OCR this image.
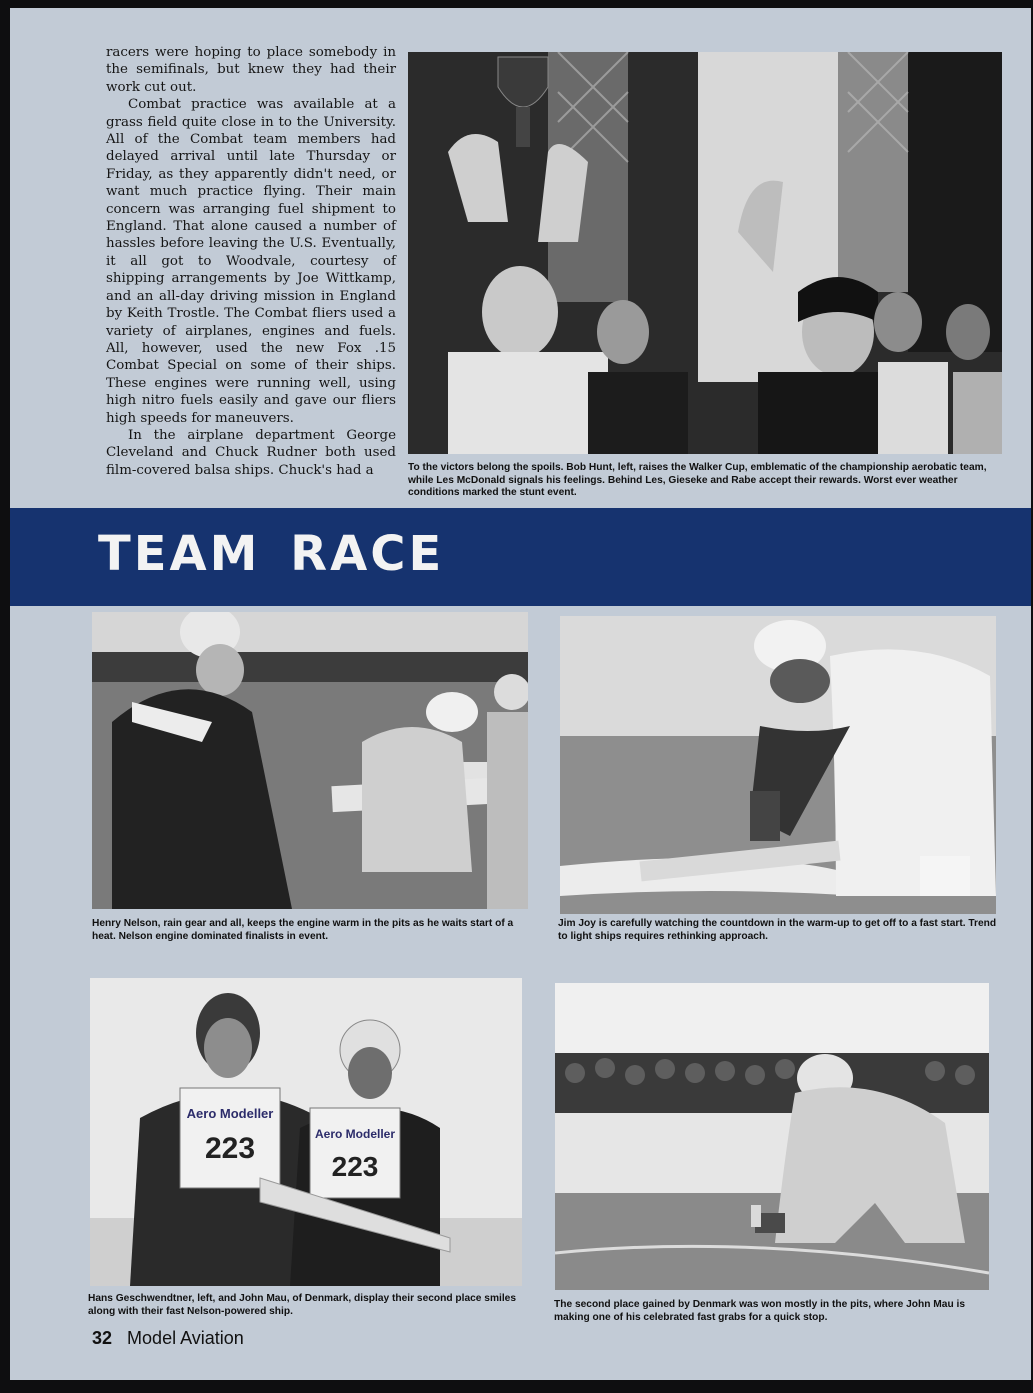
racers were hoping to place somebody in the semifinals, but knew they had their work cut out.

Combat practice was available at a grass field quite close in to the University. All of the Combat team members had delayed arrival until late Thursday or Friday, as they apparently didn't need, or want much practice flying. Their main concern was arranging fuel shipment to England. That alone caused a number of hassles before leaving the U.S. Eventually, it all got to Woodvale, courtesy of shipping arrangements by Joe Wittkamp, and an all-day driving mission in England by Keith Trostle. The Combat fliers used a variety of airplanes, engines and fuels. All, however, used the new Fox .15 Combat Special on some of their ships. These engines were running well, using high nitro fuels easily and gave our fliers high speeds for maneuvers.

In the airplane department George Cleveland and Chuck Rudner both used film-covered balsa ships. Chuck's had a	To the victors belong the spoils. Bob Hunt, left, raises the Walker Cup, emblematic of the championship aerobatic team, while Les McDonald signals his feelings. Behind Les, Gieseke and Rabe accept their rewards. Worst ever weather conditions marked the stunt event.
TEAM RACE
Henry Nelson, rain gear and all, keeps the engine warm in the pits as he waits start of a heat. Nelson engine dominated finalists in event.
Jim Joy is carefully watching the countdown in the warm-up to get off to a fast start. Trend to light ships requires rethinking approach.
Aero Modeller
223	Aero Modeller
223
Hans Geschwendtner, left, and John Mau, of Denmark, display their second place smiles along with their fast Nelson-powered ship.
The second place gained by Denmark was won mostly in the pits, where John Mau is making one of his celebrated fast grabs for a quick stop.
32 Model Aviation
